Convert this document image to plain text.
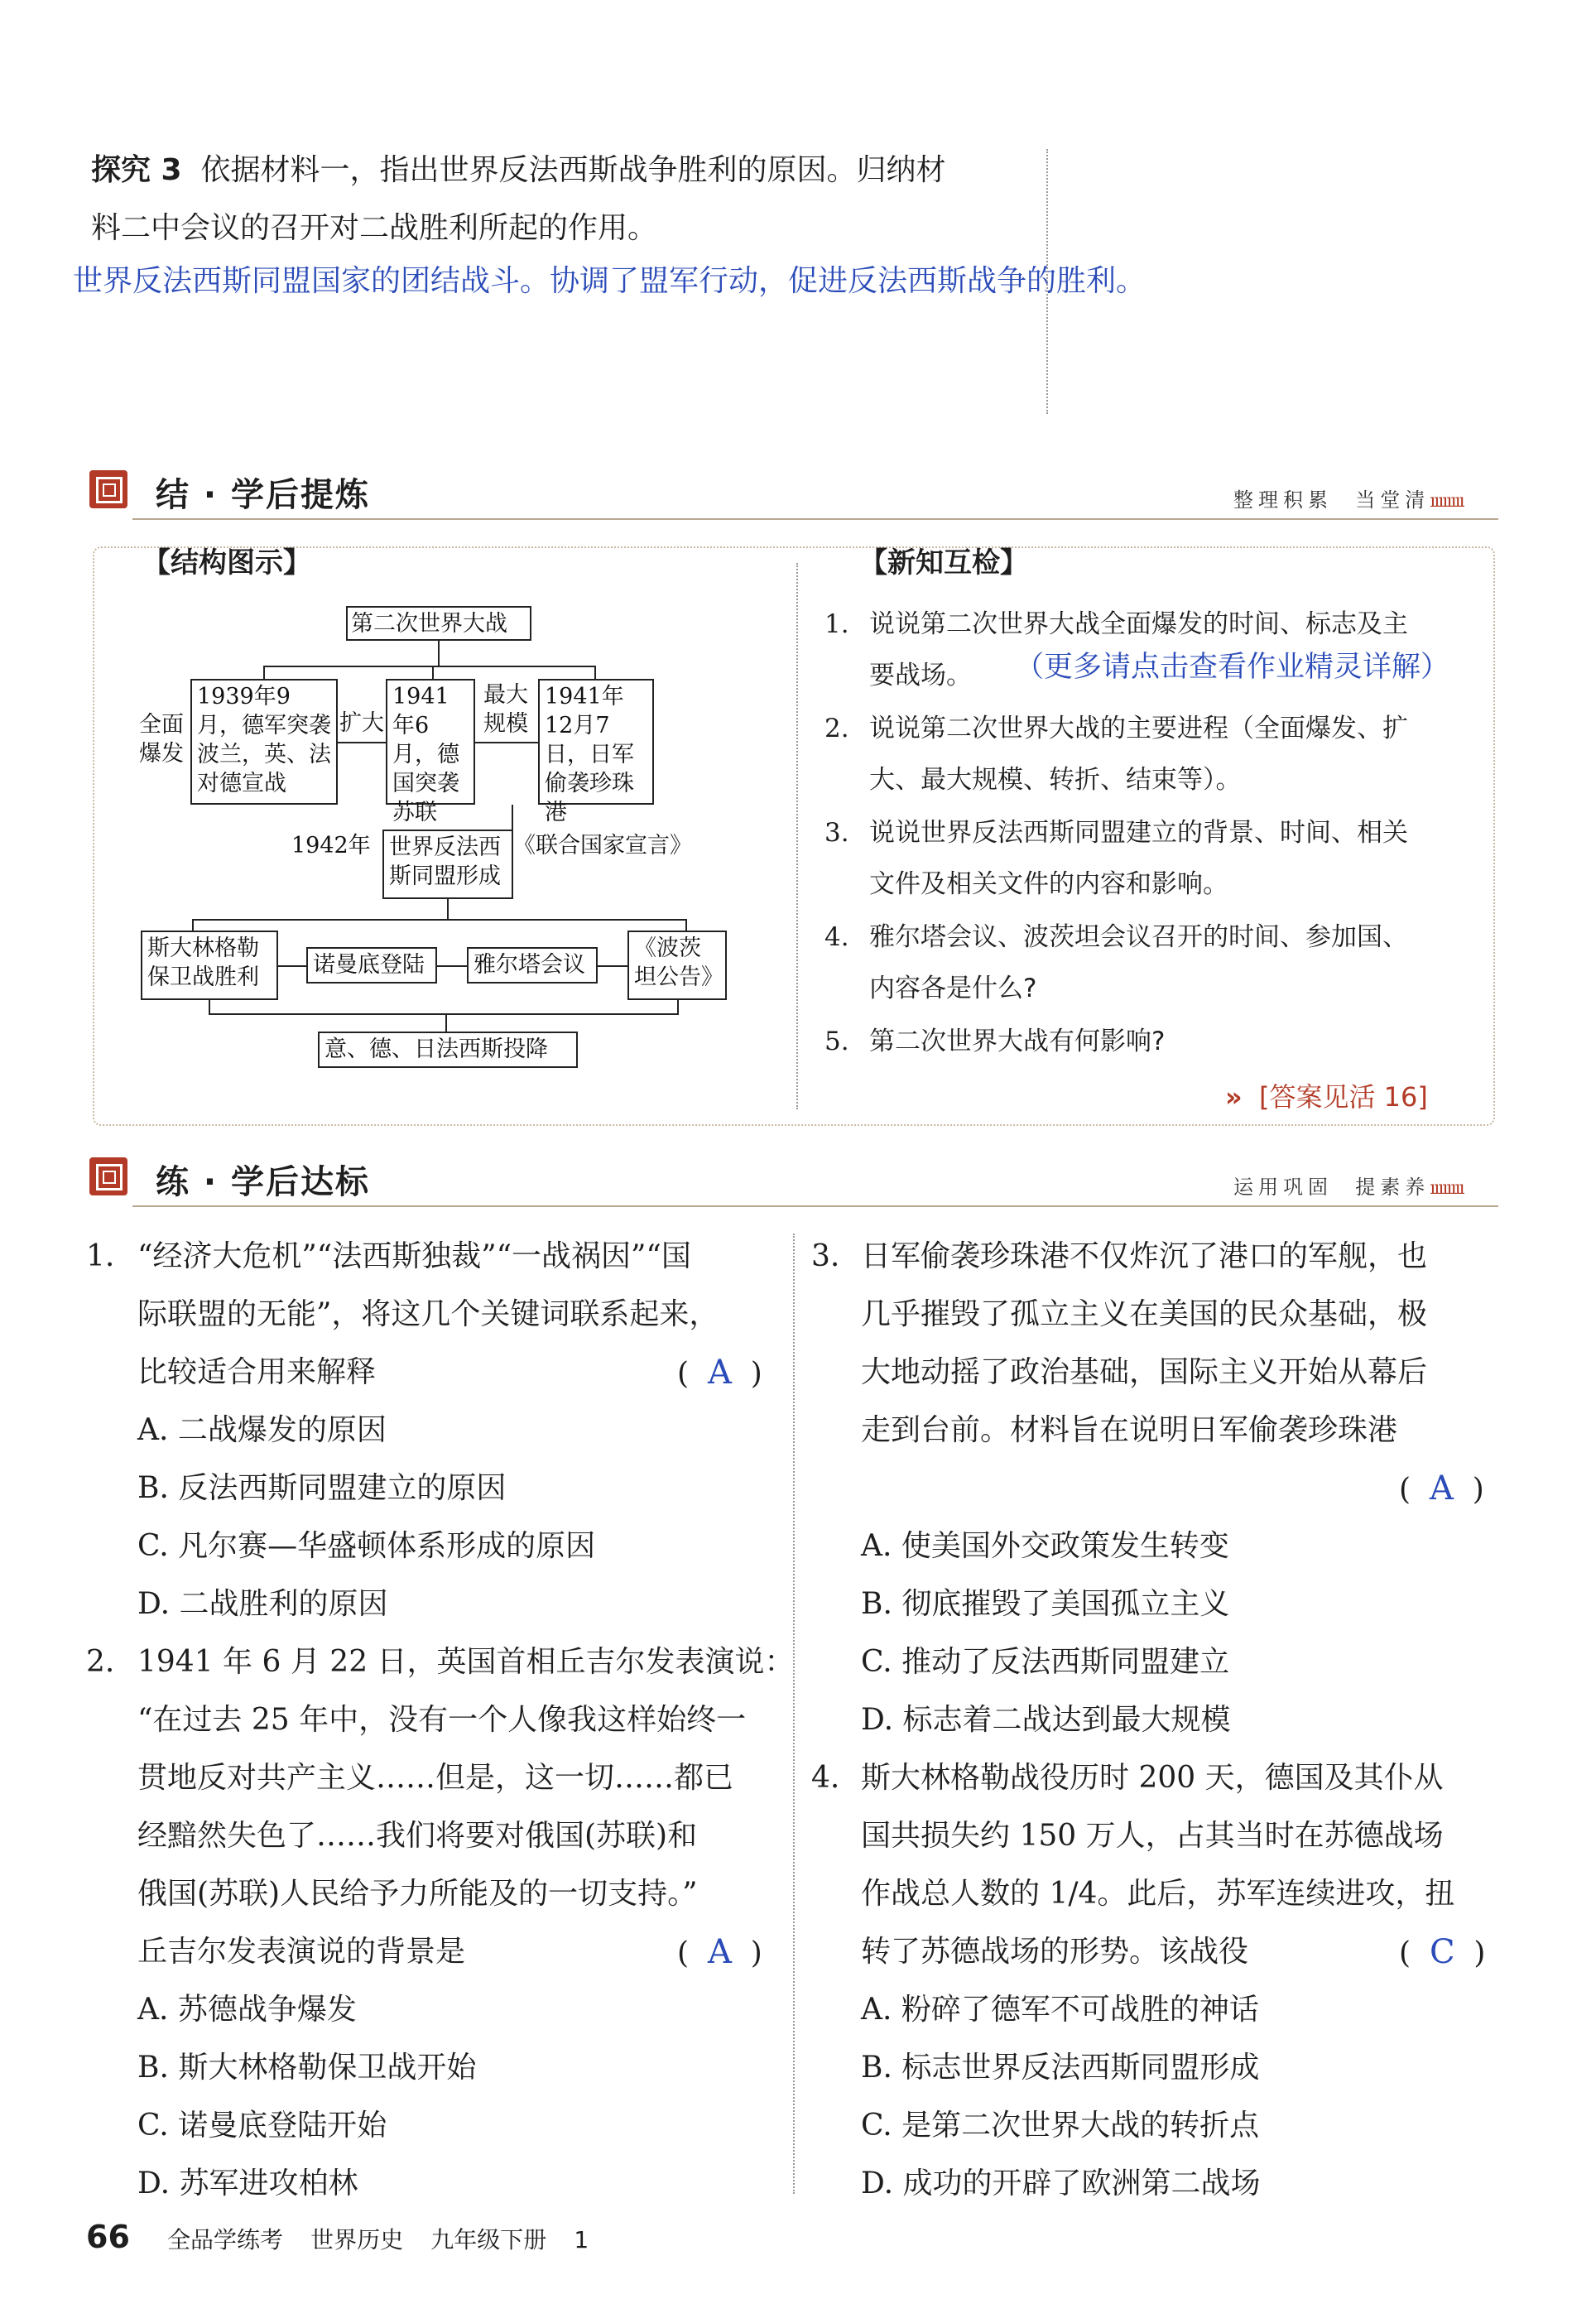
探究 3 依据材料一，指出世界反法西斯战争胜利的原因。归纳材
料二中会议的召开对二战胜利所起的作用。
世界反法西斯同盟国家的团结战斗。协调了盟军行动，促进反法西斯战争的胜利。
结 · 学后提炼	整理积累 当堂清ıııııııı
【结构图示】	【新知互检】
第二次世界大战
全面爆发
1939年9月，德军突袭波兰，英、法对德宣战
扩大
1941年6月，德国突袭苏联
最大规模
1941年12月7日，日军偷袭珍珠港
1942年 世界反法西斯同盟形成
《联合国家宣言》
斯大林格勒保卫战胜利	诺曼底登陆	雅尔塔会议
《波茨坦公告》
意、德、日法西斯投降
1. 说说第二次世界大战全面爆发的时间、标志及主
要战场。 （更多请点击查看作业精灵详解）
2. 说说第二次世界大战的主要进程（全面爆发、扩
大、最大规模、转折、结束等）。
3. 说说世界反法西斯同盟建立的背景、时间、相关
文件及相关文件的内容和影响。
4. 雅尔塔会议、波茨坦会议召开的时间、参加国、
内容各是什么?
5. 第二次世界大战有何影响?
» [答案见活 16]
练 · 学后达标	运用巩固 提素养ıııııııı
1. “经济大危机”“法西斯独裁”“一战祸因”“国
际联盟的无能”，将这几个关键词联系起来，
比较适合用来解释	(  A  )
A. 二战爆发的原因
B. 反法西斯同盟建立的原因
C. 凡尔赛—华盛顿体系形成的原因
D. 二战胜利的原因
2. 1941 年 6 月 22 日，英国首相丘吉尔发表演说：
“在过去 25 年中，没有一个人像我这样始终一
贯地反对共产主义……但是，这一切……都已
经黯然失色了……我们将要对俄国(苏联)和
俄国(苏联)人民给予力所能及的一切支持。”
丘吉尔发表演说的背景是	(  A  )
A. 苏德战争爆发
B. 斯大林格勒保卫战开始
C. 诺曼底登陆开始
D. 苏军进攻柏林
3. 日军偷袭珍珠港不仅炸沉了港口的军舰，也
几乎摧毁了孤立主义在美国的民众基础，极
大地动摇了政治基础，国际主义开始从幕后
走到台前。材料旨在说明日军偷袭珍珠港
(  A  )
A. 使美国外交政策发生转变
B. 彻底摧毁了美国孤立主义
C. 推动了反法西斯同盟建立
D. 标志着二战达到最大规模
4. 斯大林格勒战役历时 200 天，德国及其仆从
国共损失约 150 万人，占其当时在苏德战场
作战总人数的 1/4。此后，苏军连续进攻，扭
转了苏德战场的形势。该战役	(  C  )
A. 粉碎了德军不可战胜的神话
B. 标志世界反法西斯同盟形成
C. 是第二次世界大战的转折点
D. 成功的开辟了欧洲第二战场
66 全品学练考 世界历史 九年级下册 1
